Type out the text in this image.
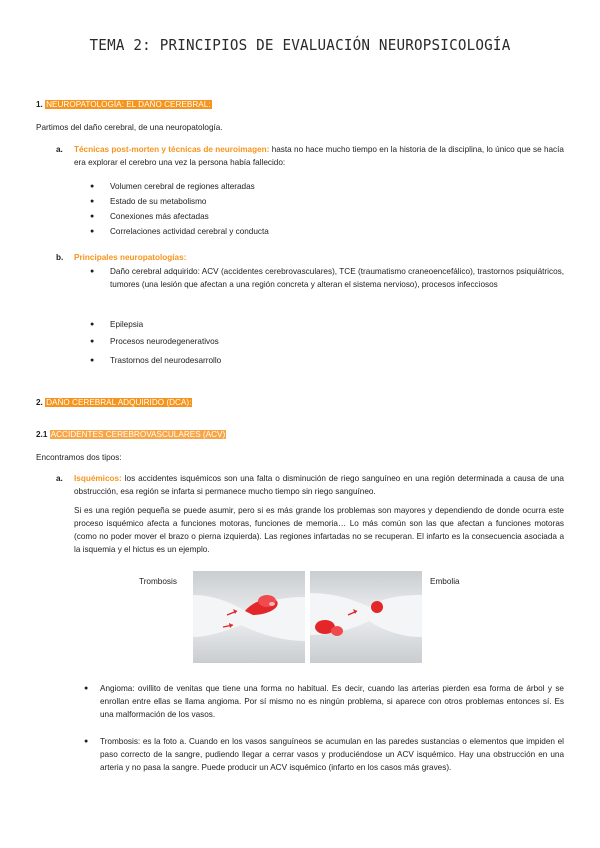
TEMA 2: PRINCIPIOS DE EVALUACIÓN NEUROPSICOLOGÍA
1. NEUROPATOLOGÍA: EL DAÑO CEREBRAL:
Partimos del daño cerebral, de una neuropatología.
a. Técnicas post-morten y técnicas de neuroimagen: hasta no hace mucho tiempo en la historia de la disciplina, lo único que se hacía era explorar el cerebro una vez la persona había fallecido:
● Volumen cerebral de regiones alteradas
● Estado de su metabolismo
● Conexiones más afectadas
● Correlaciones actividad cerebral y conducta
b. Principales neuropatologías:
● Daño cerebral adquirido: ACV (accidentes cerebrovasculares), TCE (traumatismo craneoencefálico), trastornos psiquiátricos, tumores (una lesión que afectan a una región concreta y alteran el sistema nervioso), procesos infecciosos
● Epilepsia
● Procesos neurodegenerativos
● Trastornos del neurodesarrollo
2. DAÑO CEREBRAL ADQUIRIDO (DCA):
2.1 ACCIDENTES CEREBROVASCULARES (ACV)
Encontramos dos tipos:
a. Isquémicos: los accidentes isquémicos son una falta o disminución de riego sanguíneo en una región determinada a causa de una obstrucción, esa región se infarta si permanece mucho tiempo sin riego sanguíneo.
Si es una región pequeña se puede asumir, pero si es más grande los problemas son mayores y dependiendo de donde ocurra este proceso isquémico afecta a funciones motoras, funciones de memoria… Lo más común son las que afectan a funciones motoras (como no poder mover el brazo o pierna izquierda). Las regiones infartadas no se recuperan. El infarto es la consecuencia asociada a la isquemia y el hictus es un ejemplo.
Trombosis	Embolia
● Angioma: ovillito de venitas que tiene una forma no habitual. Es decir, cuando las arterias pierden esa forma de árbol y se enrollan entre ellas se llama angioma. Por sí mismo no es ningún problema, si aparece con otros problemas entonces sí. Es una malformación de los vasos.
● Trombosis: es la foto a. Cuando en los vasos sanguíneos se acumulan en las paredes sustancias o elementos que impiden el paso correcto de la sangre, pudiendo llegar a cerrar vasos y produciéndose un ACV isquémico. Hay una obstrucción en una arteria y no pasa la sangre. Puede producir un ACV isquémico (infarto en los casos más graves).
